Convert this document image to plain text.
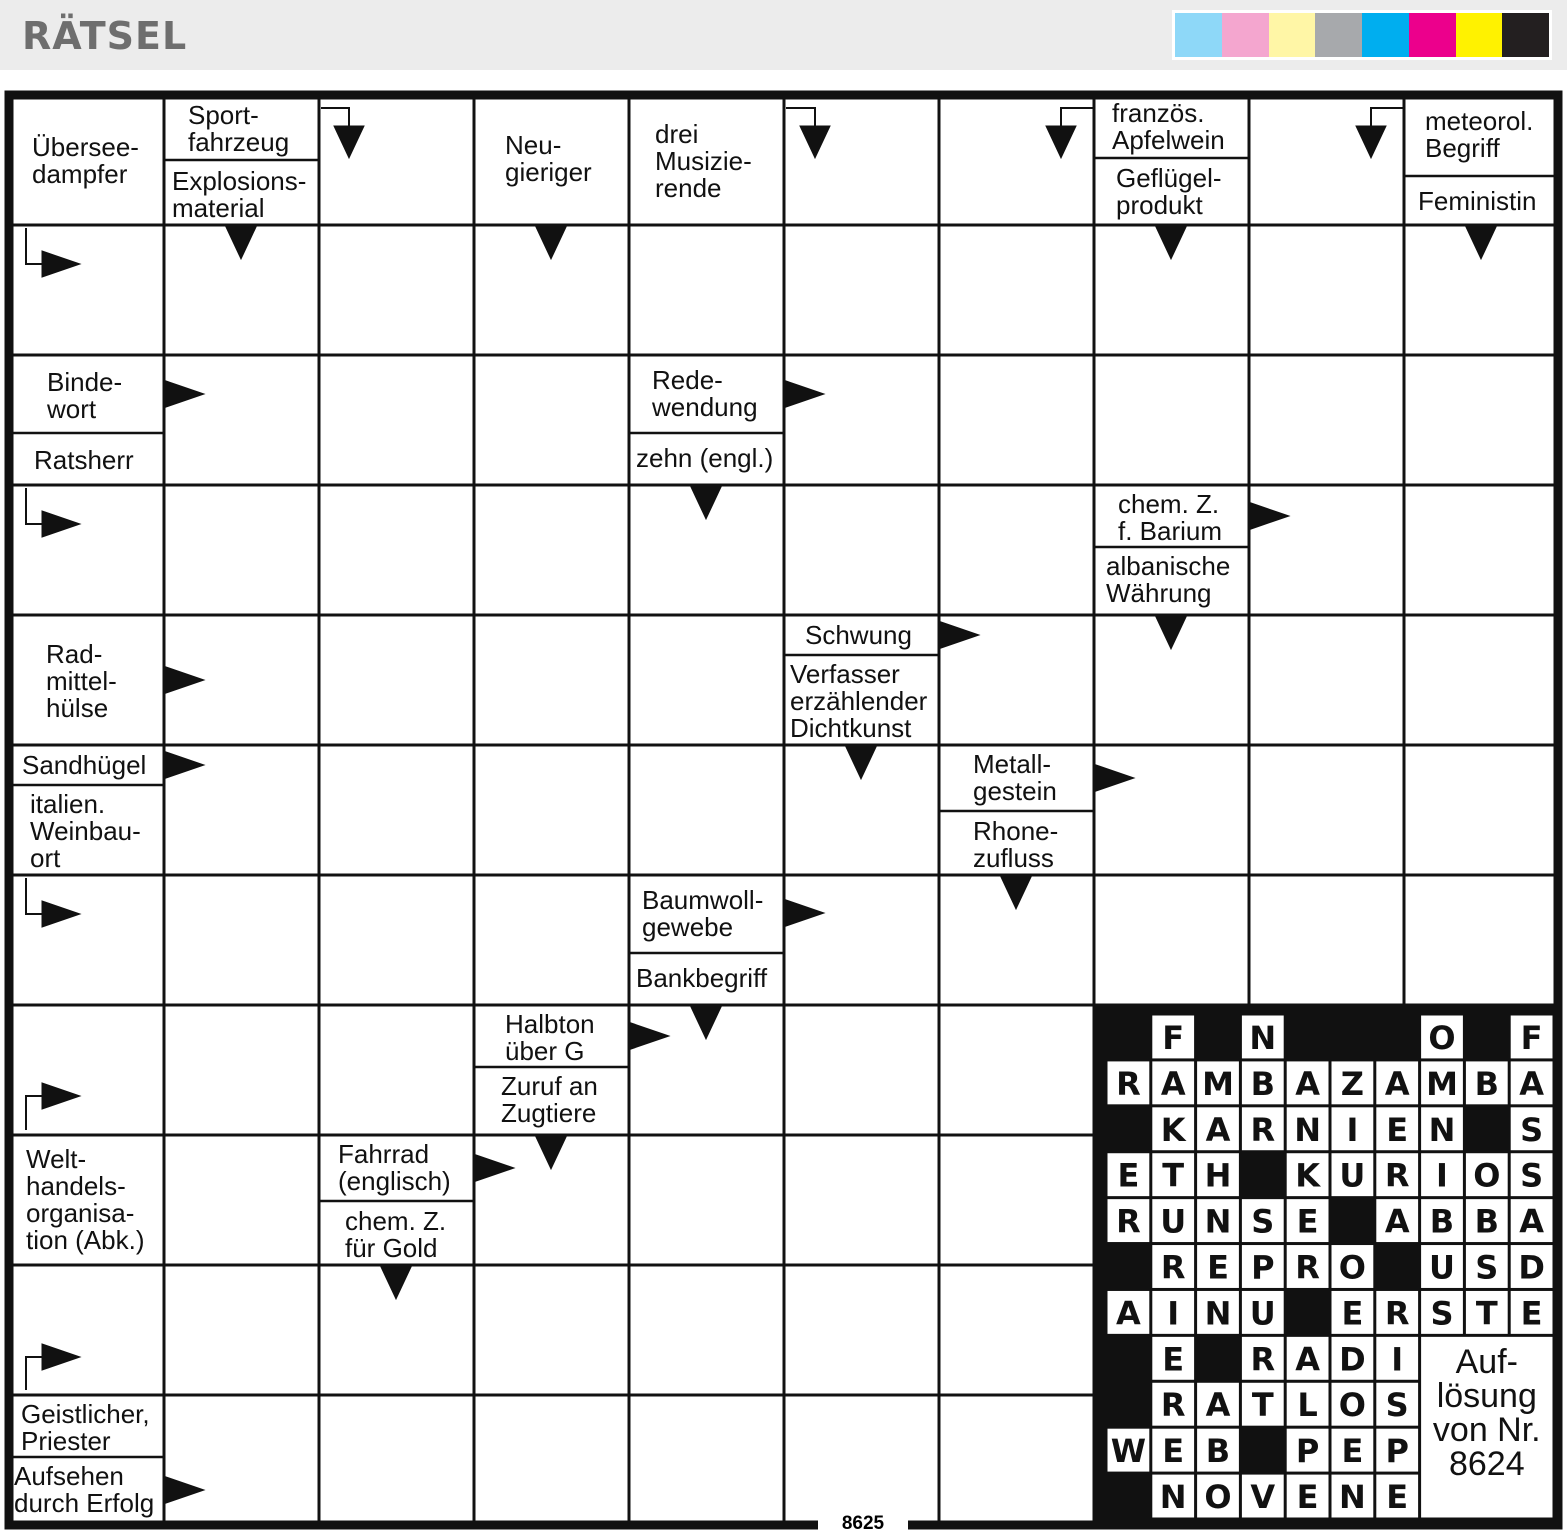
RÄTSEL
F N	O F
R A M B A Z A M B A
K A R N I E N S
E T H K U R I O S
R U N S E A B B A
R E P R O U S D
A I N U E R S T E
E R A D I
R A T L O S
W E B P E P
N O V E N E
Übersee-
dampfer
Sport-
fahrzeug
Explosions-
material
Neu-
gieriger
drei
Musizie-
rende
französ.
Apfelwein
Geflügel-
produkt
meteorol.
Begriff
Feministin
Binde-
wort
Ratsherr
Rede-
wendung
zehn (engl.)
chem. Z.
f. Barium
albanische
Währung
Schwung
Verfasser
erzählender
Dichtkunst
Rad-
mittel-
hülse
Sandhügel
italien.
Weinbau-
ort
Metall-
gestein
Rhone-
zufluss
Baumwoll-
gewebe
Bankbegriff
Halbton
über G
Zuruf an
Zugtiere
Welt-
handels-
organisa-
tion (Abk.)
Fahrrad
(englisch)
chem. Z.
für Gold
Geistlicher,
Priester
Aufsehen
durch Erfolg
Auf-
lösung
von Nr.
8624
8625
